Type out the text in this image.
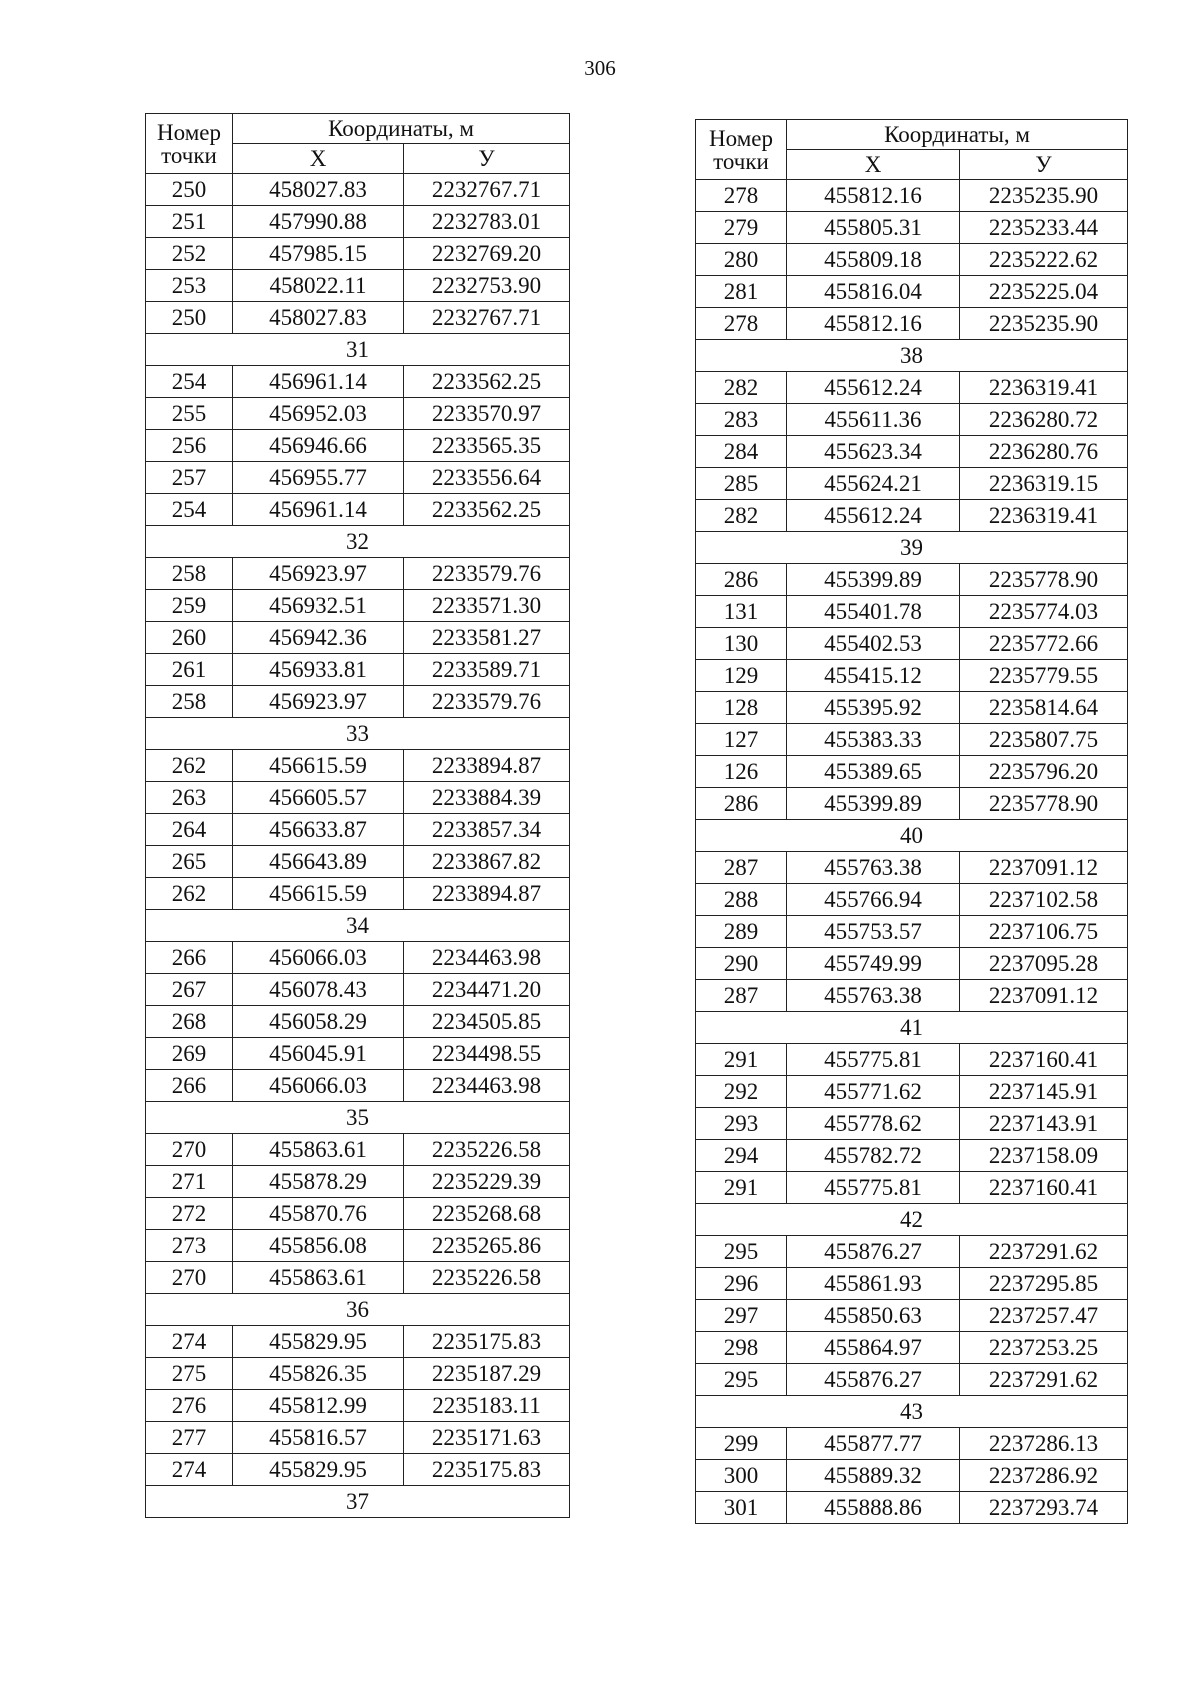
306
Номер
точки	Координаты, м	
	Х	У
250	458027.83	2232767.71
251	457990.88	2232783.01
252	457985.15	2232769.20
253	458022.11	2232753.90
250	458027.83	2232767.71
31		
254	456961.14	2233562.25
255	456952.03	2233570.97
256	456946.66	2233565.35
257	456955.77	2233556.64
254	456961.14	2233562.25
32		
258	456923.97	2233579.76
259	456932.51	2233571.30
260	456942.36	2233581.27
261	456933.81	2233589.71
258	456923.97	2233579.76
33		
262	456615.59	2233894.87
263	456605.57	2233884.39
264	456633.87	2233857.34
265	456643.89	2233867.82
262	456615.59	2233894.87
34		
266	456066.03	2234463.98
267	456078.43	2234471.20
268	456058.29	2234505.85
269	456045.91	2234498.55
266	456066.03	2234463.98
35		
270	455863.61	2235226.58
271	455878.29	2235229.39
272	455870.76	2235268.68
273	455856.08	2235265.86
270	455863.61	2235226.58
36		
274	455829.95	2235175.83
275	455826.35	2235187.29
276	455812.99	2235183.11
277	455816.57	2235171.63
274	455829.95	2235175.83
37		
Номер
точки	Координаты, м	
	Х	У
278	455812.16	2235235.90
279	455805.31	2235233.44
280	455809.18	2235222.62
281	455816.04	2235225.04
278	455812.16	2235235.90
38		
282	455612.24	2236319.41
283	455611.36	2236280.72
284	455623.34	2236280.76
285	455624.21	2236319.15
282	455612.24	2236319.41
39		
286	455399.89	2235778.90
131	455401.78	2235774.03
130	455402.53	2235772.66
129	455415.12	2235779.55
128	455395.92	2235814.64
127	455383.33	2235807.75
126	455389.65	2235796.20
286	455399.89	2235778.90
40		
287	455763.38	2237091.12
288	455766.94	2237102.58
289	455753.57	2237106.75
290	455749.99	2237095.28
287	455763.38	2237091.12
41		
291	455775.81	2237160.41
292	455771.62	2237145.91
293	455778.62	2237143.91
294	455782.72	2237158.09
291	455775.81	2237160.41
42		
295	455876.27	2237291.62
296	455861.93	2237295.85
297	455850.63	2237257.47
298	455864.97	2237253.25
295	455876.27	2237291.62
43		
299	455877.77	2237286.13
300	455889.32	2237286.92
301	455888.86	2237293.74
